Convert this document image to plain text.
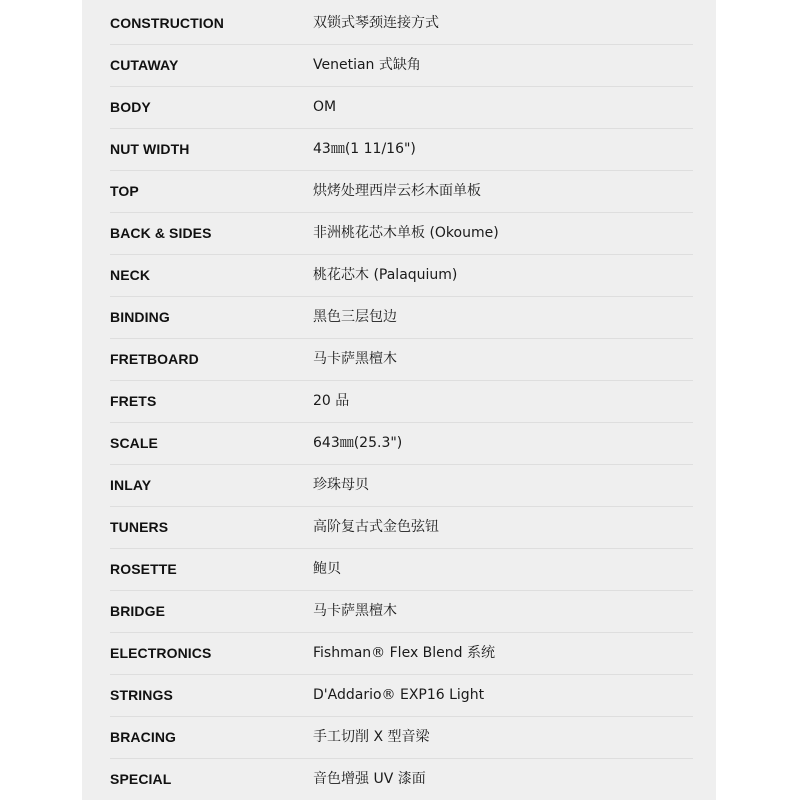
CONSTRUCTION	双锁式琴颈连接方式
CUTAWAY	Venetian 式缺角
BODY	OM
NUT WIDTH	43㎜(1 11/16")
TOP	烘烤处理西岸云杉木面单板
BACK & SIDES	非洲桃花芯木单板 (Okoume)
NECK	桃花芯木 (Palaquium)
BINDING	黑色三层包边
FRETBOARD	马卡萨黑檀木
FRETS	20 品
SCALE	643㎜(25.3")
INLAY	珍珠母贝
TUNERS	高阶复古式金色弦钮
ROSETTE	鲍贝
BRIDGE	马卡萨黑檀木
ELECTRONICS	Fishman® Flex Blend 系统
STRINGS	D'Addario® EXP16 Light
BRACING	手工切削 X 型音梁
SPECIAL	音色增强 UV 漆面
